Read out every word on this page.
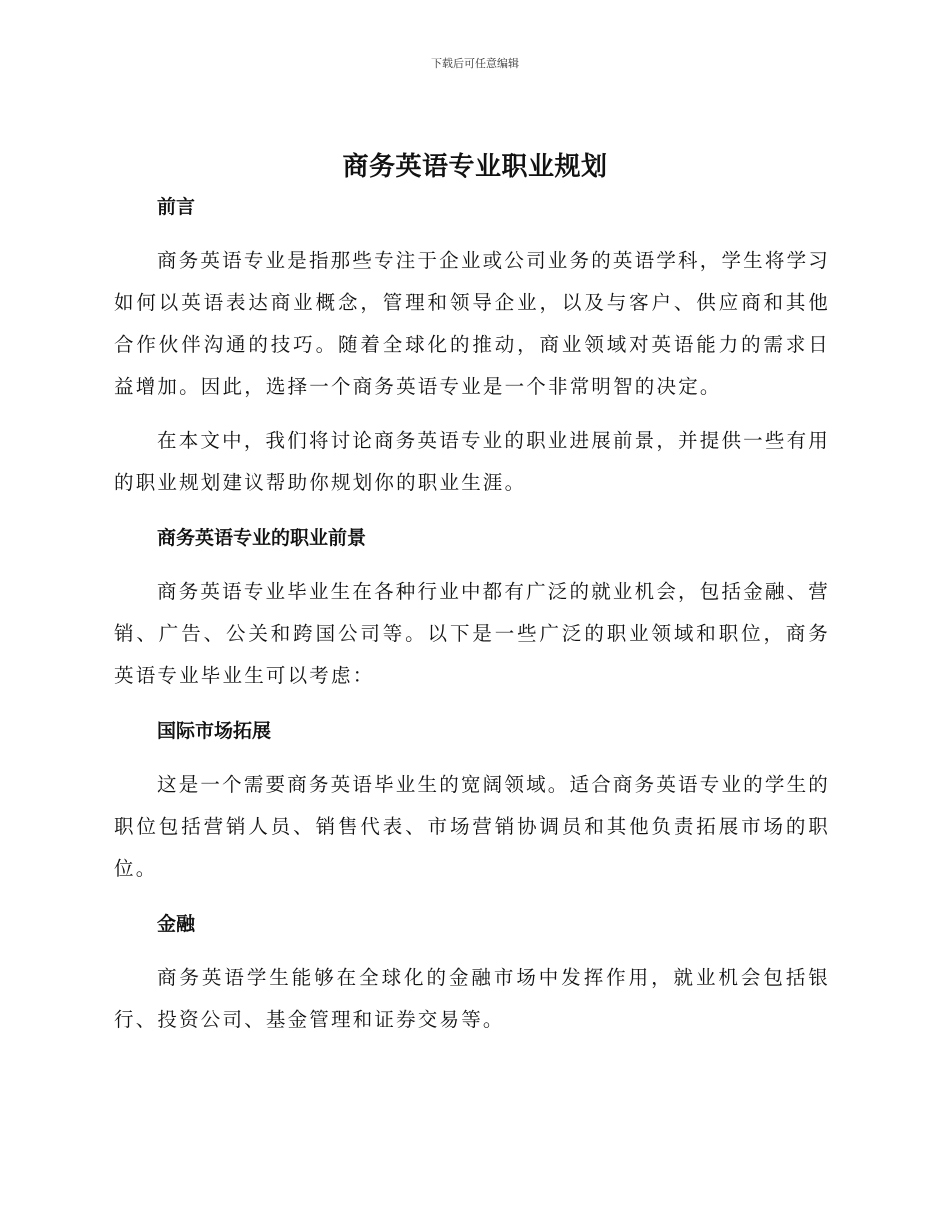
下载后可任意编辑
商务英语专业职业规划
前言

商务英语专业是指那些专注于企业或公司业务的英语学科，学生将学习如何以英语表达商业概念，管理和领导企业，以及与客户、供应商和其他合作伙伴沟通的技巧。随着全球化的推动，商业领域对英语能力的需求日益增加。因此，选择一个商务英语专业是一个非常明智的决定。

在本文中，我们将讨论商务英语专业的职业进展前景，并提供一些有用的职业规划建议帮助你规划你的职业生涯。

商务英语专业的职业前景

商务英语专业毕业生在各种行业中都有广泛的就业机会，包括金融、营销、广告、公关和跨国公司等。以下是一些广泛的职业领域和职位，商务英语专业毕业生可以考虑：

国际市场拓展

这是一个需要商务英语毕业生的宽阔领域。适合商务英语专业的学生的职位包括营销人员、销售代表、市场营销协调员和其他负责拓展市场的职位。

金融

商务英语学生能够在全球化的金融市场中发挥作用，就业机会包括银行、投资公司、基金管理和证券交易等。
